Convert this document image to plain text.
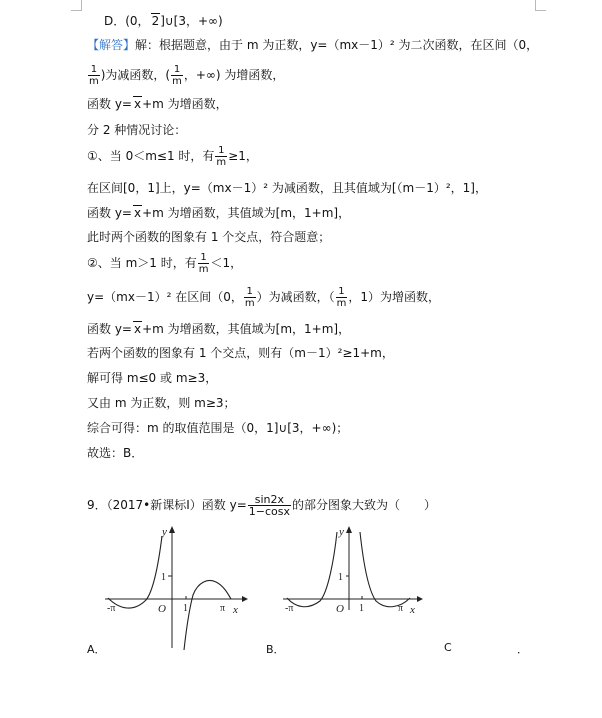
D．(0， 2]∪[3，+∞)
【解答】解：根据题意，由于 m 为正数，y=（mx－1）² 为二次函数，在区间（0，
$\frac{1}{m}$ )为减函数，( $\frac{1}{m}$ ，+∞) 为增函数，
函数 y= x+m 为增函数，
分 2 种情况讨论：
①、当 0＜m≤1 时，有 $\frac{1}{m} \ge 1$，
在区间[0，1]上，y=（mx－1）² 为减函数，且其值域为[（m－1）²，1]，
函数 y= x+m 为增函数，其值域为[m，1+m]，
此时两个函数的图象有 1 个交点，符合题意；
②、当 m＞1 时，有 $\frac{1}{m} <1$，
y=（mx－1）² 在区间（0， $\frac{1}{m}$ ）为减函数，（ $\frac{1}{m}$ ，1）为增函数，
函数 y= x+m 为增函数，其值域为[m，1+m]，
若两个函数的图象有 1 个交点，则有（m－1）²≥1+m，
解可得 m≤0 或 m≥3，
又由 m 为正数，则 m≥3；
综合可得：m 的取值范围是（0，1]∪[3，+∞)；
故选：B．
9．（2017•新课标Ⅰ）函数 $y= \frac{\sin 2x}{1-\cos x}$ 的部分图象大致为（　　）
y
x
-π	O
1
1	π
y
x
-π	O
1
1	π
A．	B．	C	．
